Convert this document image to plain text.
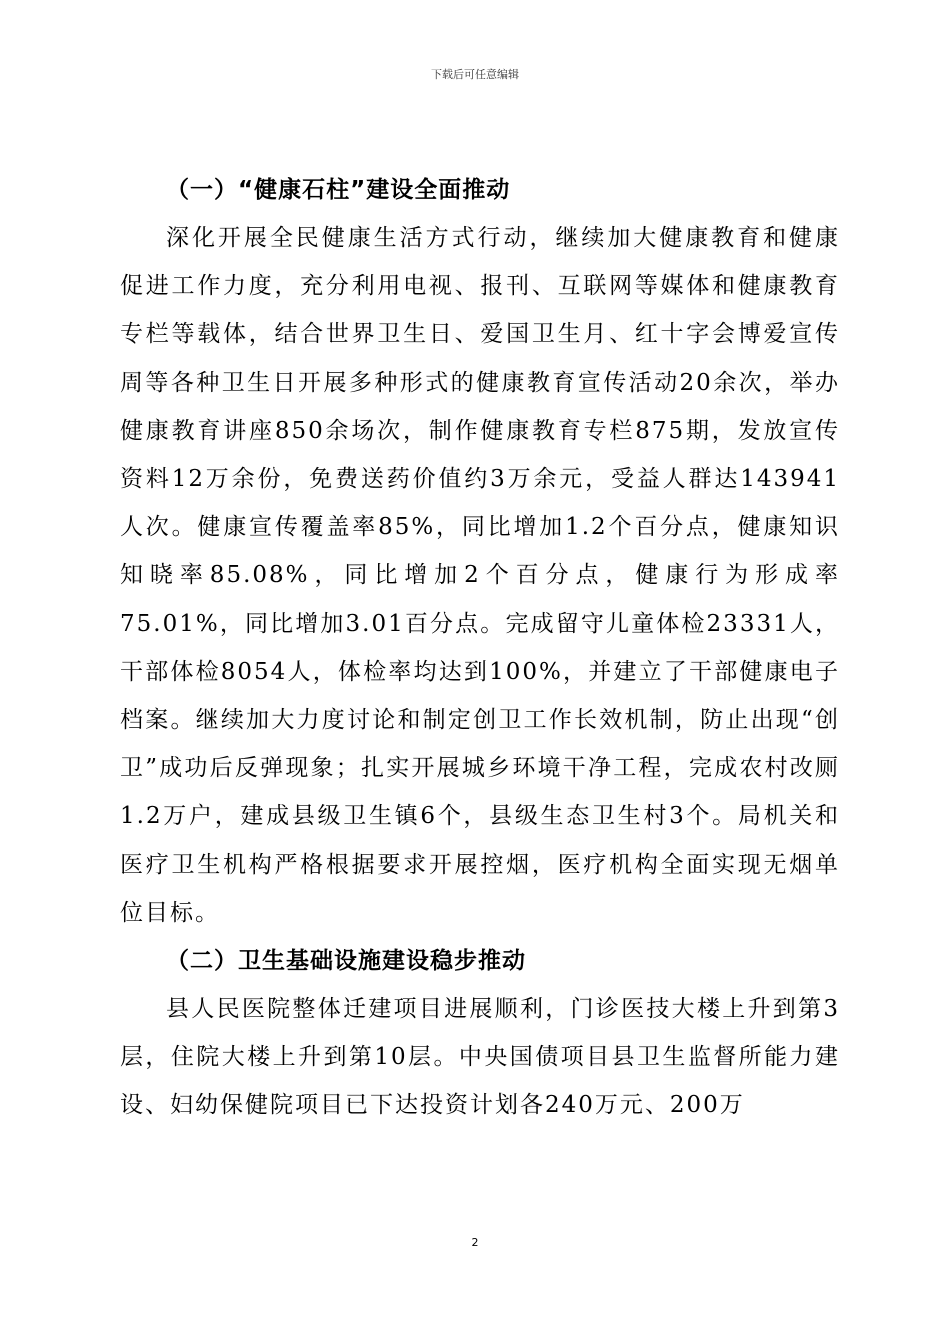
下载后可任意编辑
（一）“健康石柱”建设全面推动

深化开展全民健康生活方式行动，继续加大健康教育和健康促进工作力度，充分利用电视、报刊、互联网等媒体和健康教育专栏等载体，结合世界卫生日、爱国卫生月、红十字会博爱宣传周等各种卫生日开展多种形式的健康教育宣传活动20余次，举办健康教育讲座850余场次，制作健康教育专栏875期，发放宣传资料12万余份，免费送药价值约3万余元，受益人群达143941人次。健康宣传覆盖率85%，同比增加1.2个百分点，健康知识知晓率85.08%，同比增加2个百分点，健康行为形成率75.01%，同比增加3.01百分点。完成留守儿童体检23331人，干部体检8054人，体检率均达到100%，并建立了干部健康电子档案。继续加大力度讨论和制定创卫工作长效机制，防止出现“创卫”成功后反弹现象；扎实开展城乡环境干净工程，完成农村改厕1.2万户，建成县级卫生镇6个，县级生态卫生村3个。局机关和医疗卫生机构严格根据要求开展控烟，医疗机构全面实现无烟单位目标。

（二）卫生基础设施建设稳步推动

县人民医院整体迁建项目进展顺利，门诊医技大楼上升到第3层，住院大楼上升到第10层。中央国债项目县卫生监督所能力建设、妇幼保健院项目已下达投资计划各240万元、200万

2
